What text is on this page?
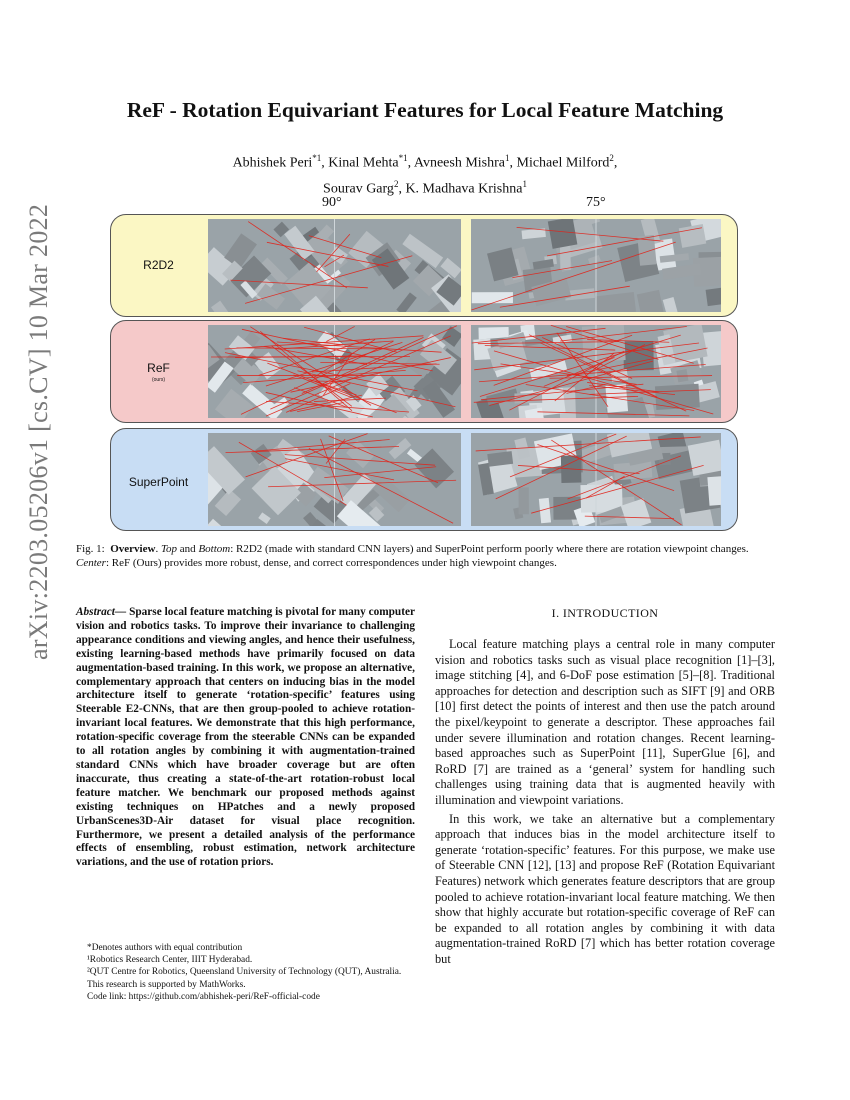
arXiv:2203.05206v1 [cs.CV] 10 Mar 2022
ReF - Rotation Equivariant Features for Local Feature Matching
Abhishek Peri$^{*1}$, Kinal Mehta$^{*1}$, Avneesh Mishra$^1$, Michael Milford$^2$,
Sourav Garg$^2$, K. Madhava Krishna$^1$
90°	75°
R2D2
ReF
(ours)
SuperPoint
Fig. 1: Overview. Top and Bottom: R2D2 (made with standard CNN layers) and SuperPoint perform poorly where there are rotation viewpoint changes. Center: ReF (Ours) provides more robust, dense, and correct correspondences under high viewpoint changes.
Abstract— Sparse local feature matching is pivotal for many computer vision and robotics tasks. To improve their invariance to challenging appearance conditions and viewing angles, and hence their usefulness, existing learning-based methods have primarily focused on data augmentation-based training. In this work, we propose an alternative, complementary approach that centers on inducing bias in the model architecture itself to generate ‘rotation-specific’ features using Steerable E2-CNNs, that are then group-pooled to achieve rotation-invariant local features. We demonstrate that this high performance, rotation-specific coverage from the steerable CNNs can be expanded to all rotation angles by combining it with augmentation-trained standard CNNs which have broader coverage but are often inaccurate, thus creating a state-of-the-art rotation-robust local feature matcher. We benchmark our proposed methods against existing techniques on HPatches and a newly proposed UrbanScenes3D-Air dataset for visual place recognition. Furthermore, we present a detailed analysis of the performance effects of ensembling, robust estimation, network architecture variations, and the use of rotation priors.
*Denotes authors with equal contribution
¹Robotics Research Center, IIIT Hyderabad.
²QUT Centre for Robotics, Queensland University of Technology (QUT), Australia.
This research is supported by MathWorks.
Code link: https://github.com/abhishek-peri/ReF-official-code
I. INTRODUCTION

Local feature matching plays a central role in many computer vision and robotics tasks such as visual place recognition [1]–[3], image stitching [4], and 6-DoF pose estimation [5]–[8]. Traditional approaches for detection and description such as SIFT [9] and ORB [10] first detect the points of interest and then use the patch around the pixel/keypoint to generate a descriptor. These approaches fail under severe illumination and rotation changes. Recent learning-based approaches such as SuperPoint [11], SuperGlue [6], and RoRD [7] are trained as a ‘general’ system for handling such challenges using training data that is augmented heavily with illumination and viewpoint variations.

In this work, we take an alternative but a complementary approach that induces bias in the model architecture itself to generate ‘rotation-specific’ features. For this purpose, we make use of Steerable CNN [12], [13] and propose ReF (Rotation Equivariant Features) network which generates feature descriptors that are group pooled to achieve rotation-invariant local feature matching. We then show that highly accurate but rotation-specific coverage of ReF can be expanded to all rotation angles by combining it with data augmentation-trained RoRD [7] which has better rotation coverage but
